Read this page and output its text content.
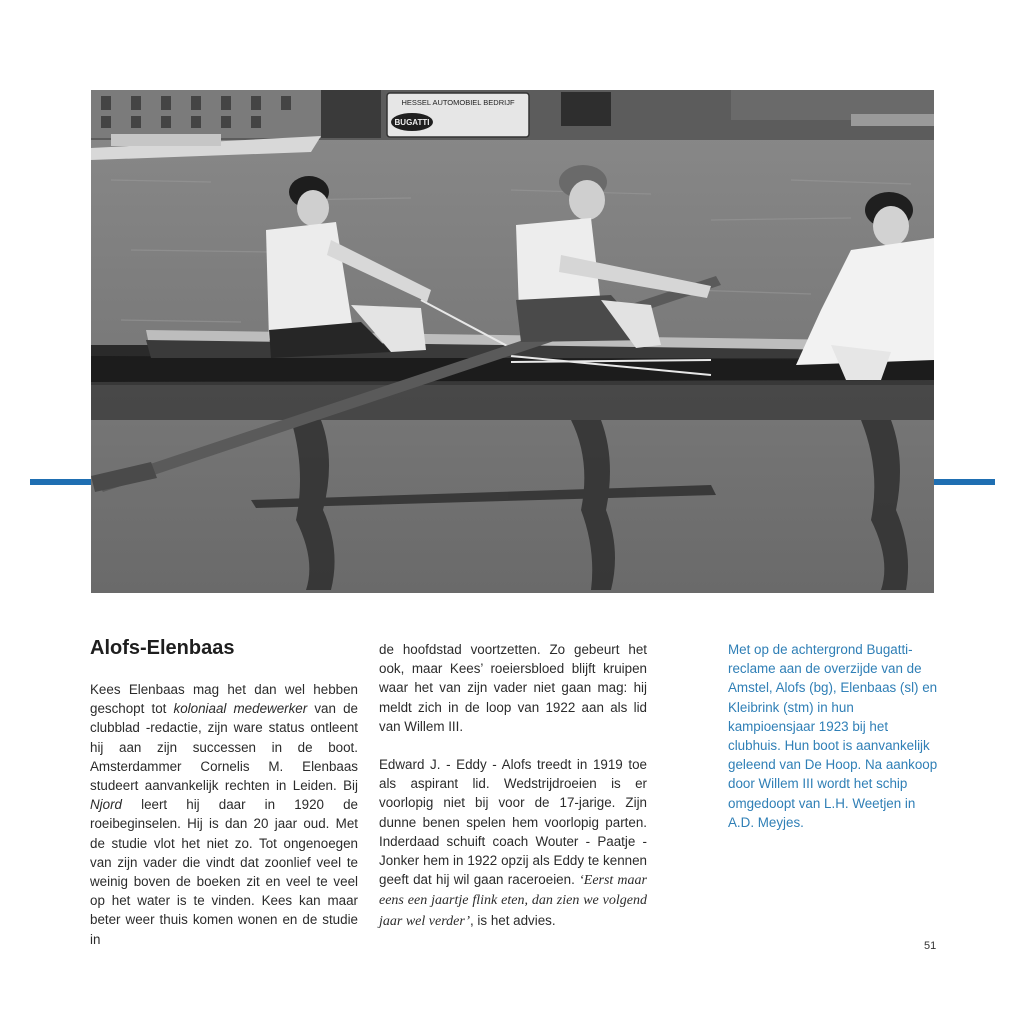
HESSEL AUTOMOBIEL BEDRIJF
BUGATTI
Alofs-Elenbaas

Kees Elenbaas mag het dan wel hebben geschopt tot koloniaal medewerker van de clubblad -redactie, zijn ware status ontleent hij aan zijn successen in de boot. Amsterdammer Cornelis M. Elenbaas studeert aanvankelijk rechten in Leiden. Bij Njord leert hij daar in 1920 de roeibeginselen. Hij is dan 20 jaar oud. Met de studie vlot het niet zo. Tot ongenoegen van zijn vader die vindt dat zoonlief veel te weinig boven de boeken zit en veel te veel op het water is te vinden. Kees kan maar beter weer thuis komen wonen en de studie in

de hoofdstad voortzetten. Zo gebeurt het ook, maar Kees’ roeiersbloed blijft kruipen waar het van zijn vader niet gaan mag: hij meldt zich in de loop van 1922 aan als lid van Willem III.

Edward J. - Eddy - Alofs treedt in 1919 toe als aspirant lid. Wedstrijdroeien is er voorlopig niet bij voor de 17-jarige. Zijn dunne benen spelen hem voorlopig parten. Inderdaad schuift coach Wouter - Paatje - Jonker hem in 1922 opzij als Eddy te kennen geeft dat hij wil gaan raceroeien. ‘Eerst maar eens een jaartje flink eten, dan zien we volgend jaar wel verder’, is het advies.

Met op de achtergrond Bugatti-reclame aan de overzijde van de Amstel, Alofs (bg), Elenbaas (sl) en Kleibrink (stm) in hun kampioensjaar 1923 bij het clubhuis. Hun boot is aanvankelijk geleend van De Hoop. Na aankoop door Willem III wordt het schip omgedoopt van L.H. Weetjen in A.D. Meyjes.

51
